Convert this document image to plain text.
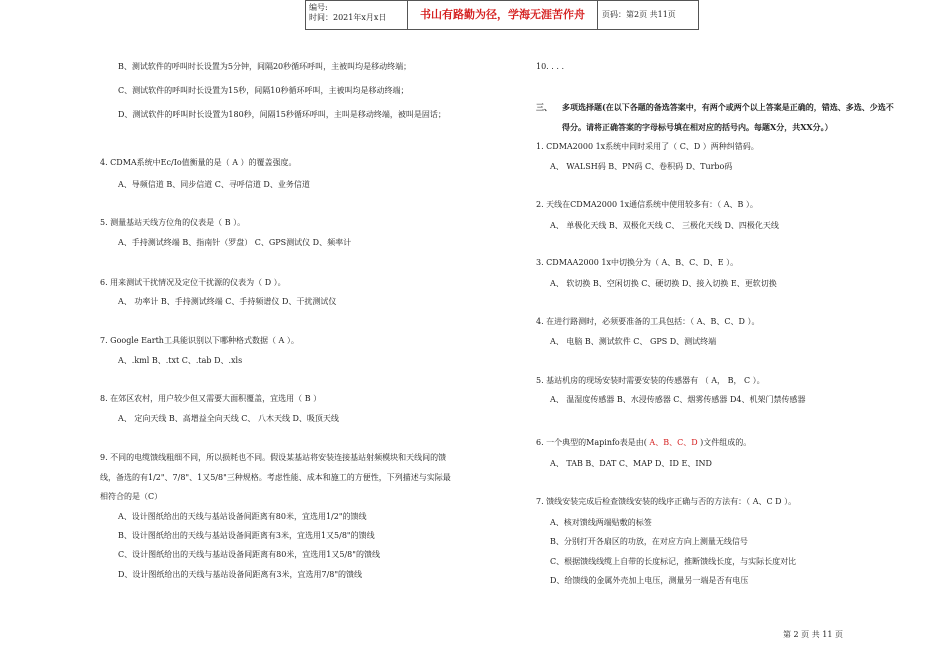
编号:
时间：2021年x月x日	书山有路勤为径，学海无涯苦作舟	页码：第2页 共11页
B、测试软件的呼叫时长设置为5分钟，间隔20秒循环呼叫，主被叫均是移动终端；
C、测试软件的呼叫时长设置为15秒，间隔10秒循环呼叫，主被叫均是移动终端；
D、测试软件的呼叫时长设置为180秒，间隔15秒循环呼叫，主叫是移动终端，被叫是固话；
4. CDMA系统中Ec/Io值衡量的是（ A ）的覆盖强度。
A、导频信道 B、同步信道 C、寻呼信道 D、业务信道
5. 测量基站天线方位角的仪表是（ B ）。
A、手持测试终端 B、指南针（罗盘） C、GPS测试仪 D、频率计
6. 用来测试干扰情况及定位干扰源的仪表为（ D ）。
A、 功率计 B、手持测试终端 C、手持频谱仪 D、干扰测试仪
7. Google Earth工具能识别以下哪种格式数据（ A ）。
A、.kml B、.txt C、.tab D、.xls
8. 在郊区农村，用户较少但又需要大面积覆盖，宜选用（ B ）
A、 定向天线 B、高增益全向天线 C、 八木天线 D、吸顶天线
9. 不同的电缆馈线粗细不同，所以损耗也不同。假设某基站将安装连接基站射频模块和天线间的馈
线，备选的有1/2"、7/8"、1又5/8"三种规格。考虑性能、成本和施工的方便性，下列描述与实际最
相符合的是（C）
A、设计图纸给出的天线与基站设备间距离有80米，宜选用1/2"的馈线
B、设计图纸给出的天线与基站设备间距离有3米，宜选用1又5/8"的馈线
C、设计图纸给出的天线与基站设备间距离有80米，宜选用1又5/8"的馈线
D、设计图纸给出的天线与基站设备间距离有3米，宜选用7/8"的馈线
10. . . .
三、 多项选择题(在以下各题的备选答案中，有两个或两个以上答案是正确的，错选、多选、少选不
得分。请将正确答案的字母标号填在相对应的括号内。每题X分，共XX分。）
1. CDMA2000 1x系统中同时采用了（ C、D ）两种纠错码。
A、 WALSH码 B、PN码 C、卷积码 D、Turbo码
2. 天线在CDMA2000 1x通信系统中使用较多有：（ A、B ）。
A、 单极化天线 B、双极化天线 C、 三极化天线 D、四极化天线
3. CDMAA2000 1x中切换分为（ A、B、C、D、E ）。
A、 软切换 B、空闲切换 C、硬切换 D、接入切换 E、更软切换
4. 在进行路测时，必须要准备的工具包括：（ A、B、C、D ）。
A、 电脑 B、测试软件 C、 GPS D、测试终端
5. 基站机房的现场安装时需要安装的传感器有 （ A， B， C ）。
A、 温湿度传感器 B、水浸传感器 C、烟雾传感器 D4、机架门禁传感器
6. 一个典型的Mapinfo表是由( A、B、C、D )文件组成的。
A、 TAB B、DAT C、MAP D、ID E、IND
7. 馈线安装完成后检查馈线安装的线序正确与否的方法有：（ A、C D ）。
A、核对馈线两端贴敷的标签
B、分别打开各扇区的功放，在对应方向上测量无线信号
C、根据馈线线缆上自带的长度标记，推断馈线长度，与实际长度对比
D、给馈线的金属外壳加上电压，测量另一端是否有电压
第 2 页 共 11 页
